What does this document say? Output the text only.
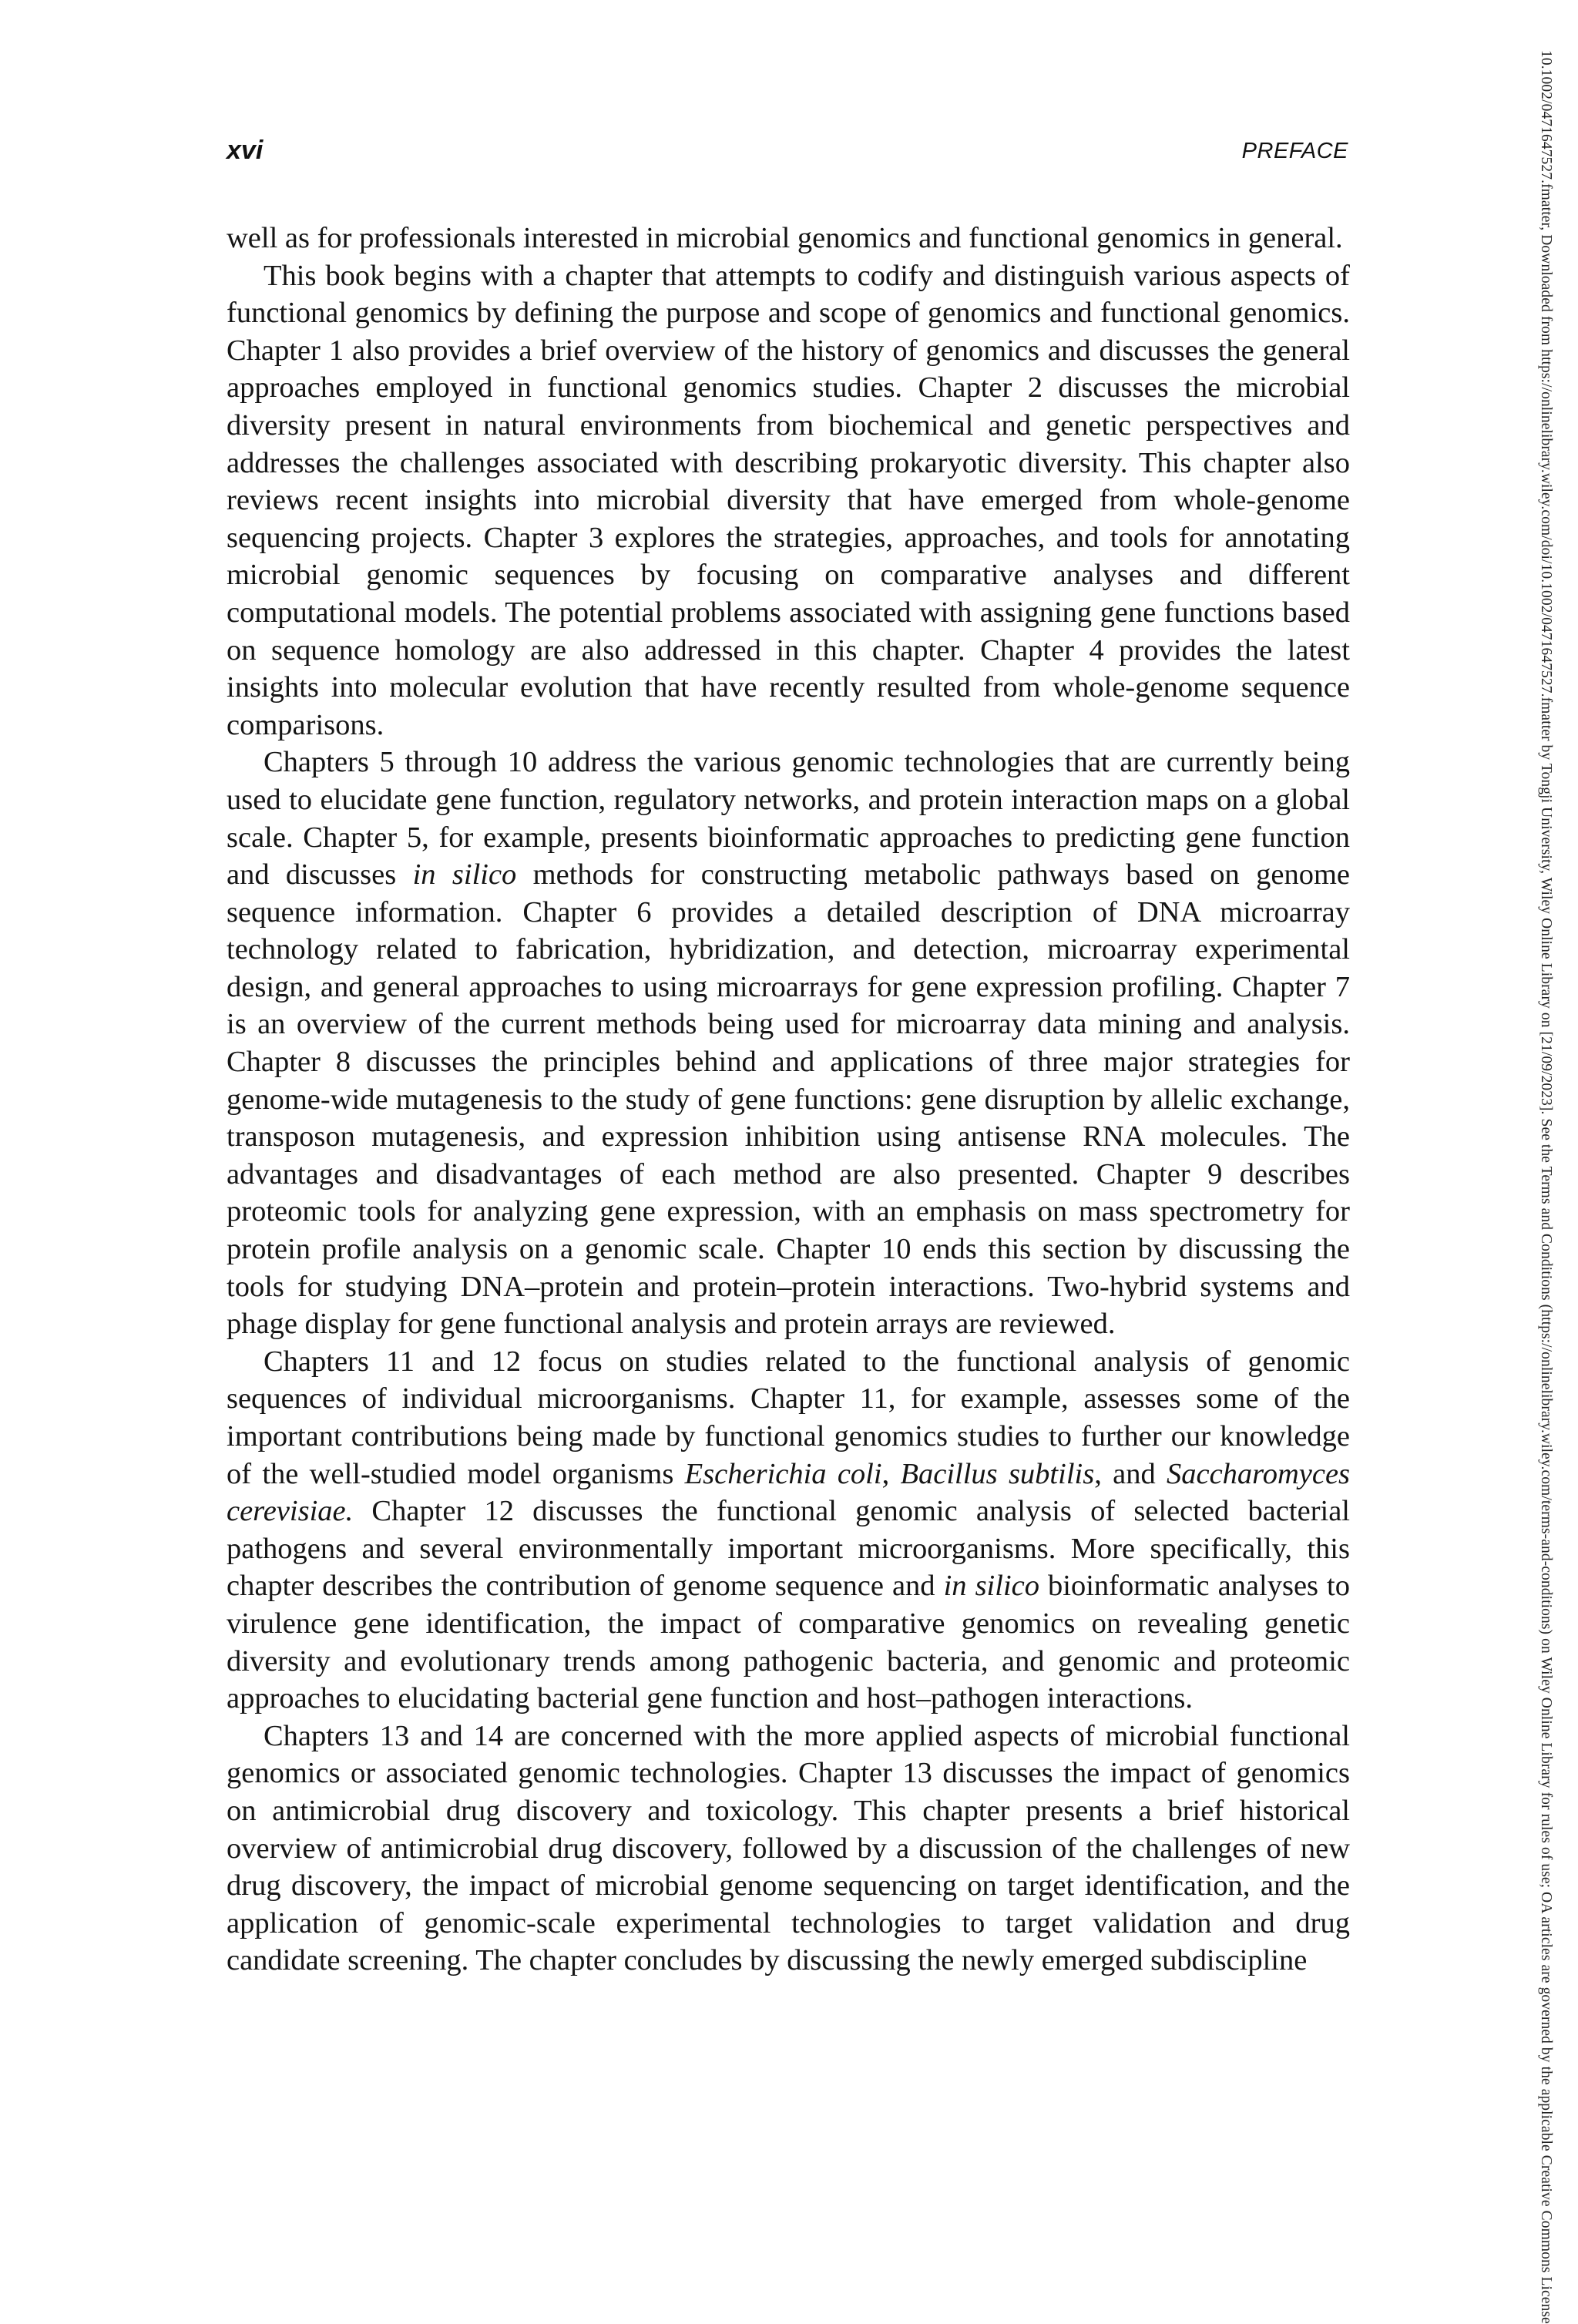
xvi	PREFACE

well as for professionals interested in microbial genomics and functional genomics in general.

This book begins with a chapter that attempts to codify and distinguish various aspects of functional genomics by defining the purpose and scope of genomics and functional genomics. Chapter 1 also provides a brief overview of the history of genomics and discusses the general approaches employed in functional genomics studies. Chapter 2 discusses the microbial diversity present in natural environments from biochemical and genetic perspectives and addresses the challenges associated with describing prokaryotic diversity. This chapter also reviews recent insights into microbial diversity that have emerged from whole-genome sequencing projects. Chapter 3 explores the strategies, approaches, and tools for annotating microbial genomic sequences by focusing on comparative analyses and different computational models. The potential problems associated with assigning gene functions based on sequence homology are also addressed in this chapter. Chapter 4 provides the latest insights into molecular evolution that have recently resulted from whole-genome sequence comparisons.

Chapters 5 through 10 address the various genomic technologies that are currently being used to elucidate gene function, regulatory networks, and protein interaction maps on a global scale. Chapter 5, for example, presents bioinformatic approaches to predicting gene function and discusses in silico methods for constructing metabolic pathways based on genome sequence information. Chapter 6 provides a detailed description of DNA microarray technology related to fabrication, hybridization, and detection, microarray experimental design, and general approaches to using microarrays for gene expression profiling. Chapter 7 is an overview of the current methods being used for microarray data mining and analysis. Chapter 8 discusses the principles behind and applications of three major strategies for genome-wide mutagenesis to the study of gene functions: gene disruption by allelic exchange, transposon mutagenesis, and expression inhibition using antisense RNA molecules. The advantages and disadvantages of each method are also presented. Chapter 9 describes proteomic tools for analyzing gene expression, with an emphasis on mass spectrometry for protein profile analysis on a genomic scale. Chapter 10 ends this section by discussing the tools for studying DNA–protein and protein–protein interactions. Two-hybrid systems and phage display for gene functional analysis and protein arrays are reviewed.

Chapters 11 and 12 focus on studies related to the functional analysis of genomic sequences of individual microorganisms. Chapter 11, for example, assesses some of the important contributions being made by functional genomics studies to further our knowledge of the well-studied model organisms Escherichia coli, Bacillus subtilis, and Saccharomyces cerevisiae. Chapter 12 discusses the functional genomic analysis of selected bacterial pathogens and several environmentally important microorganisms. More specifically, this chapter describes the contribution of genome sequence and in silico bioinformatic analyses to virulence gene identification, the impact of comparative genomics on revealing genetic diversity and evolutionary trends among pathogenic bacteria, and genomic and proteomic approaches to elucidating bacterial gene function and host–pathogen interactions.

Chapters 13 and 14 are concerned with the more applied aspects of microbial functional genomics or associated genomic technologies. Chapter 13 discusses the impact of genomics on antimicrobial drug discovery and toxicology. This chapter presents a brief historical overview of antimicrobial drug discovery, followed by a discussion of the challenges of new drug discovery, the impact of microbial genome sequencing on target identification, and the application of genomic-scale experimental technologies to target validation and drug candidate screening. The chapter concludes by discussing the newly emerged subdiscipline	10.1002/0471647527.fmatter, Downloaded from https://onlinelibrary.wiley.com/doi/10.1002/0471647527.fmatter by Tongji University, Wiley Online Library on [21/09/2023]. See the Terms and Conditions (https://onlinelibrary.wiley.com/terms-and-conditions) on Wiley Online Library for rules of use; OA articles are governed by the applicable Creative Commons License
